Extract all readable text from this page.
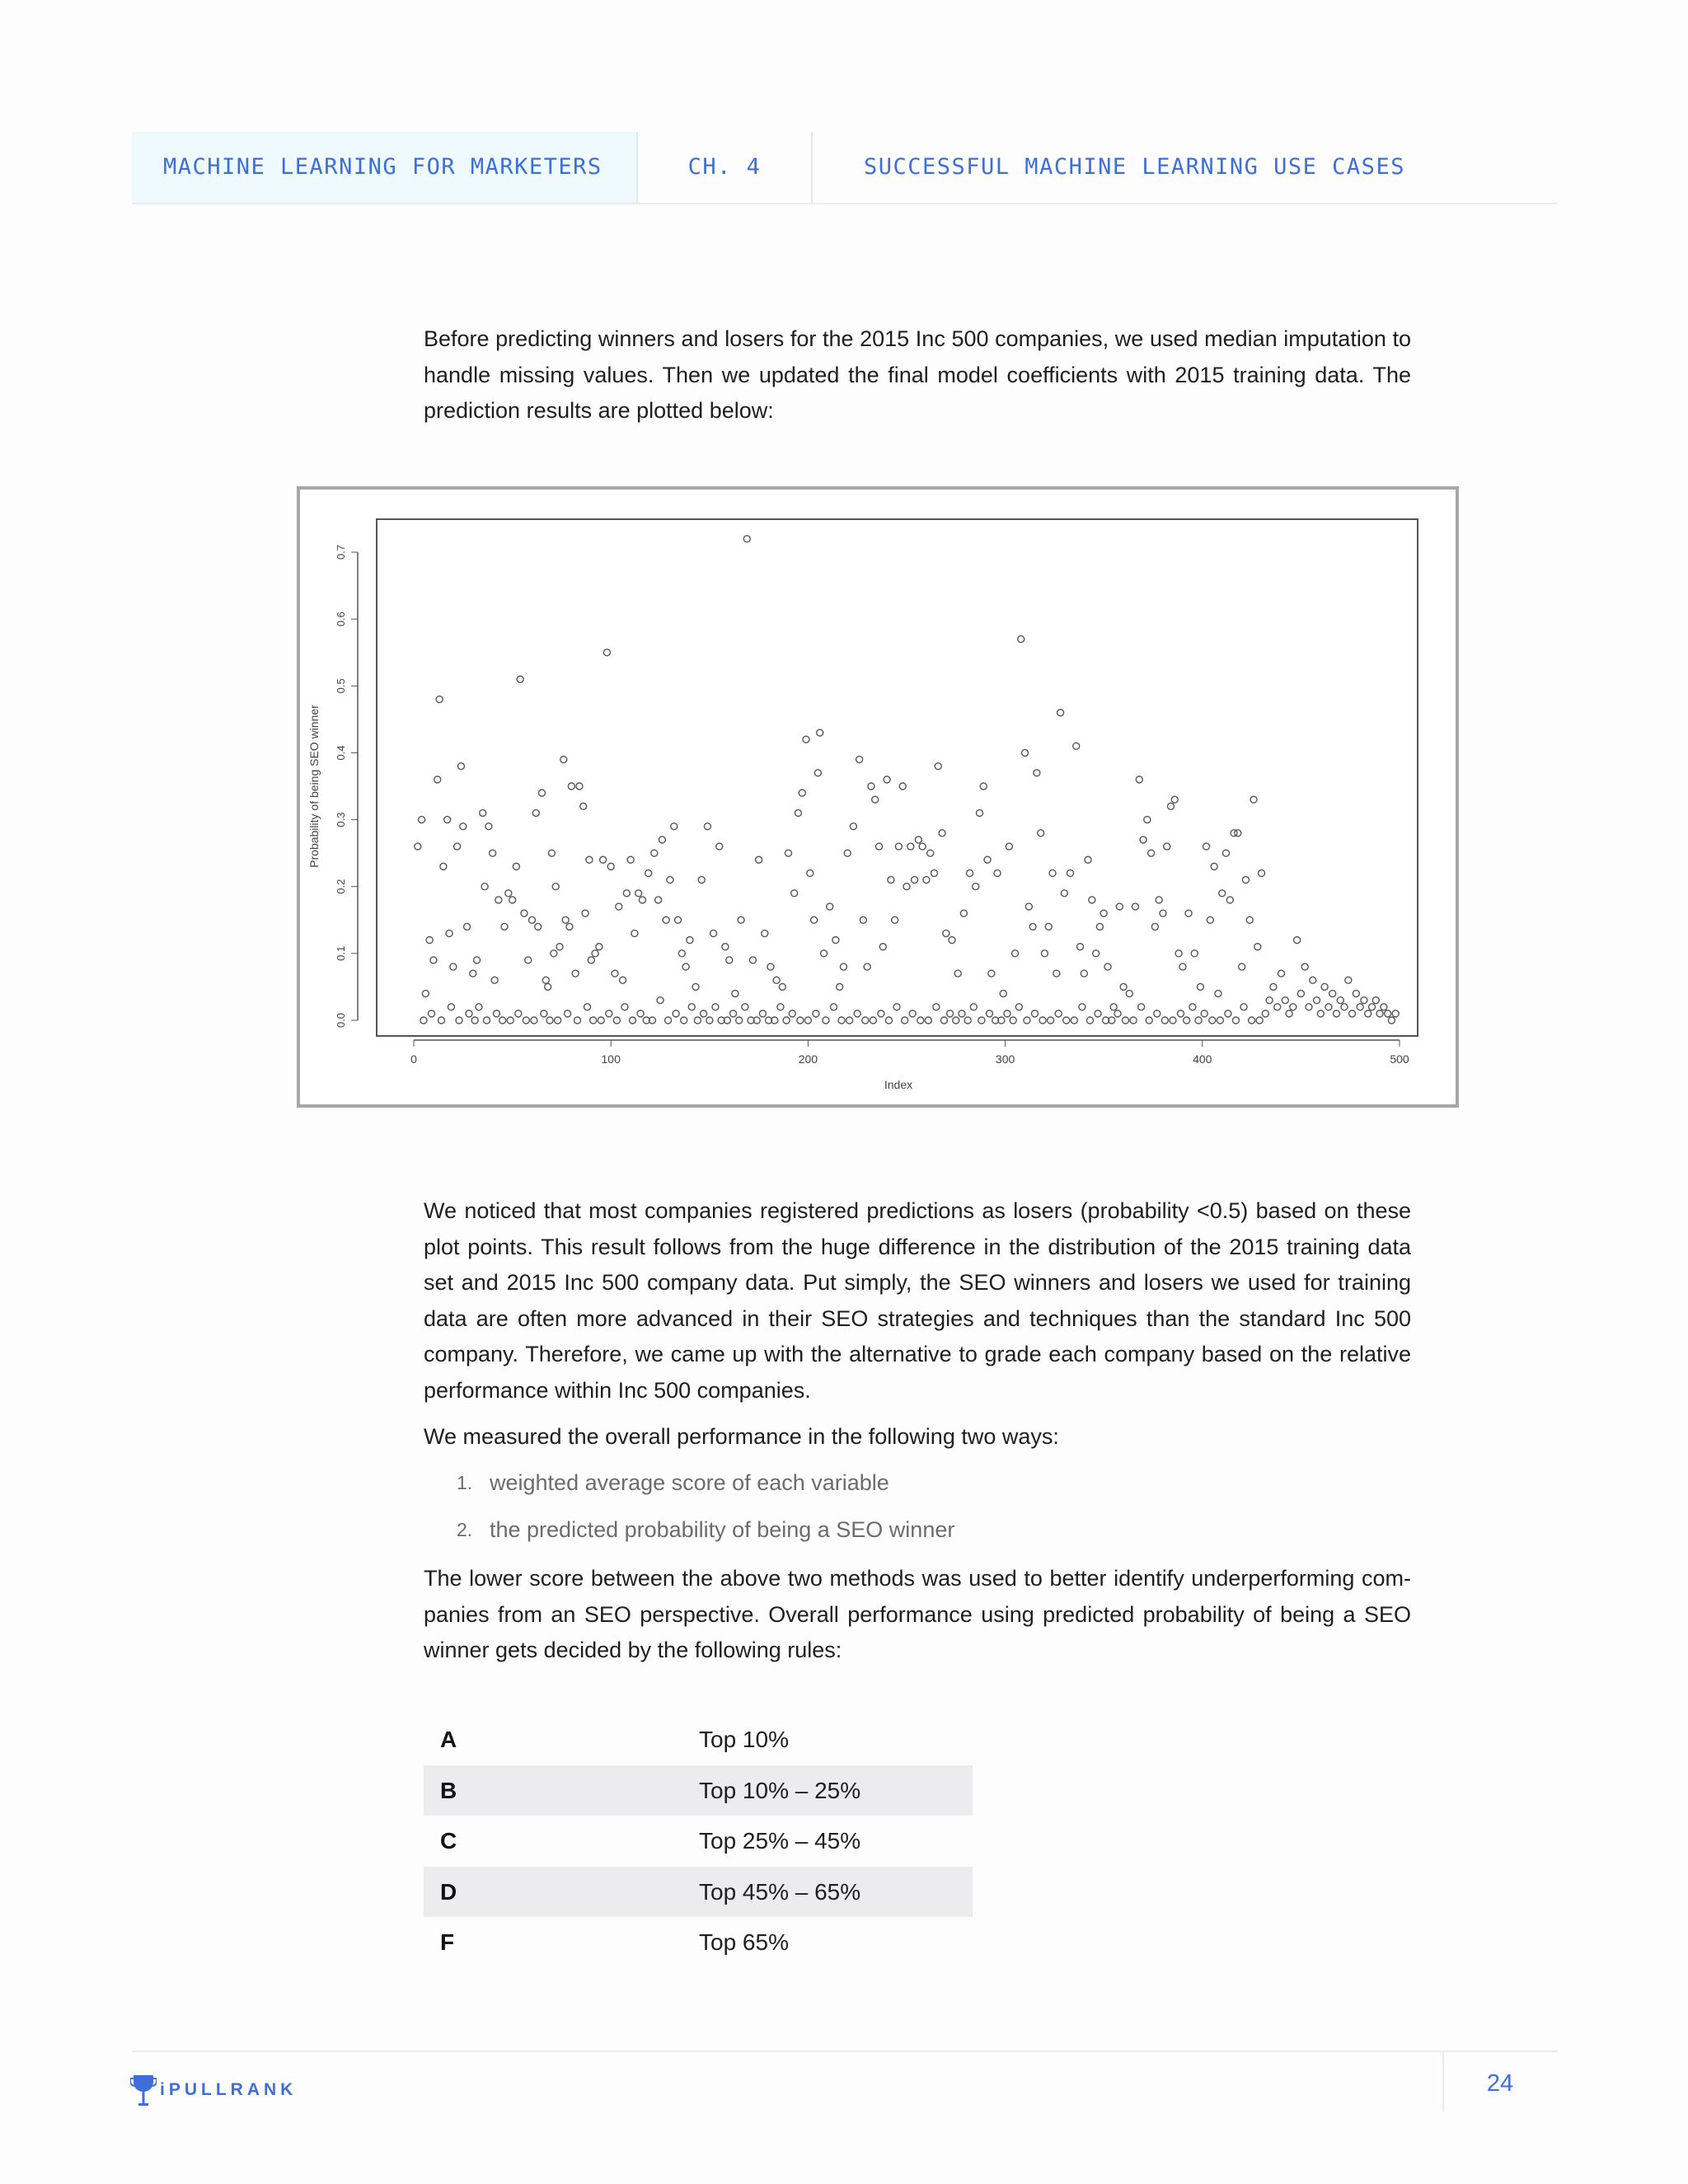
MACHINE LEARNING FOR MARKETERS	CH. 4	SUCCESSFUL MACHINE LEARNING USE CASES

Before predicting winners and losers for the 2015 Inc 500 companies, we used median imputation to handle missing values. Then we updated the final model coefficients with 2015 training data. The prediction results are plotted below:

Probability of being SEO winner
Index
0	100	200	300	400	500
0.0
0.1
0.2
0.3
0.4
0.5
0.6
0.7

We noticed that most companies registered predictions as losers (probability <0.5) based on these plot points. This result follows from the huge difference in the distribution of the 2015 training data set and 2015 Inc 500 company data. Put simply, the SEO winners and losers we used for training data are often more advanced in their SEO strategies and techniques than the standard Inc 500 company. Therefore, we came up with the alternative to grade each company based on the relative performance within Inc 500 companies.

We measured the overall performance in the following two ways:

1. weighted average score of each variable
2. the predicted probability of being a SEO winner

The lower score between the above two methods was used to better identify underperforming com-panies from an SEO perspective. Overall performance using predicted probability of being a SEO winner gets decided by the following rules:

A	Top 10%
B	Top 10% – 25%
C	Top 25% – 45%
D	Top 45% – 65%
F	Top 65%
iPULLRANK	24
